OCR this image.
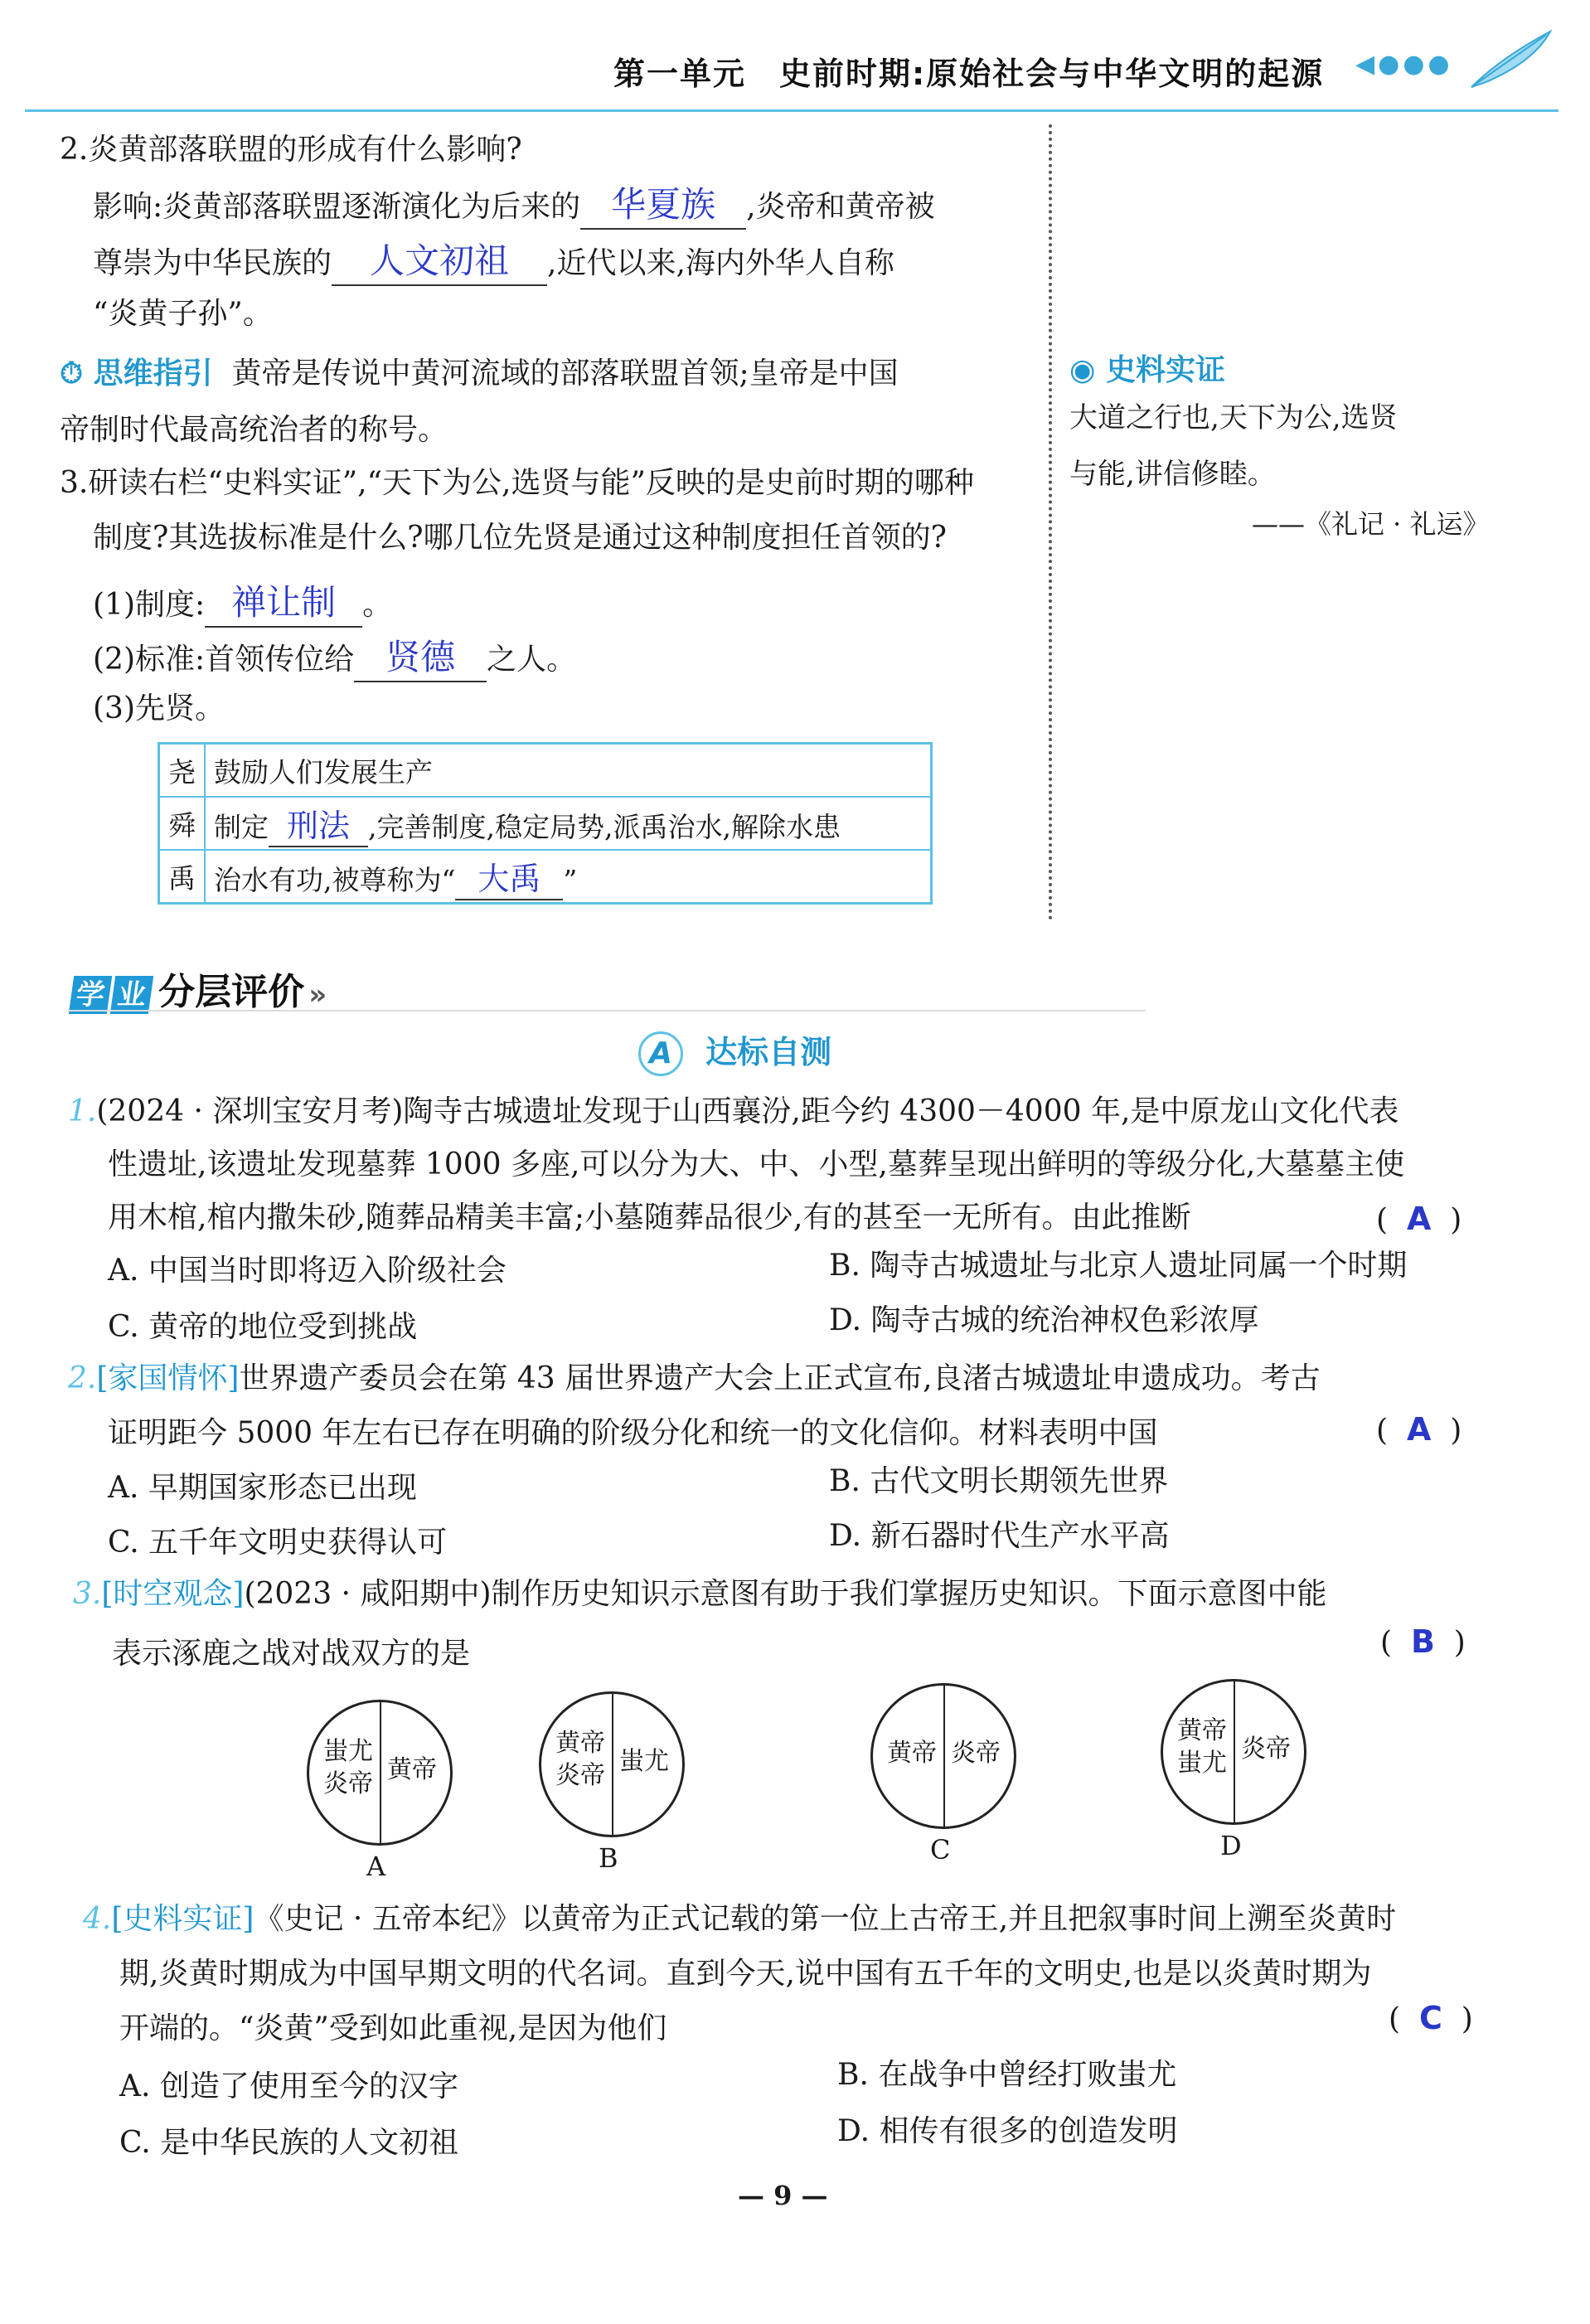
第一单元　史前时期:原始社会与中华文明的起源 ◀●●●
2.炎黄部落联盟的形成有什么影响?
影响:炎黄部落联盟逐渐演化为后来的 华夏族 ,炎帝和黄帝被
尊崇为中华民族的 人文初祖 ,近代以来,海内外华人自称
“炎黄子孙”。
⏱ 思维指引 黄帝是传说中黄河流域的部落联盟首领;皇帝是中国
帝制时代最高统治者的称号。
3.研读右栏“史料实证”,“天下为公,选贤与能”反映的是史前时期的哪种
制度?其选拔标准是什么?哪几位先贤是通过这种制度担任首领的?
(1)制度: 禅让制 。
(2)标准:首领传位给 贤德 之人。
(3)先贤。
尧	鼓励人们发展生产
舜	制定 刑法 ,完善制度,稳定局势,派禹治水,解除水患
禹	治水有功,被尊称为“ 大禹 ”
◉ 史料实证
大道之行也,天下为公,选贤
与能,讲信修睦。
——《礼记 · 礼运》
学 业 分层评价 »
A 达标自测
1.(2024 · 深圳宝安月考)陶寺古城遗址发现于山西襄汾,距今约 4300－4000 年,是中原龙山文化代表
性遗址,该遗址发现墓葬 1000 多座,可以分为大、中、小型,墓葬呈现出鲜明的等级分化,大墓墓主使
用木棺,棺内撒朱砂,随葬品精美丰富;小墓随葬品很少,有的甚至一无所有。由此推断	(  A  )
A. 中国当时即将迈入阶级社会	B. 陶寺古城遗址与北京人遗址同属一个时期
C. 黄帝的地位受到挑战	D. 陶寺古城的统治神权色彩浓厚
2.[家国情怀]世界遗产委员会在第 43 届世界遗产大会上正式宣布,良渚古城遗址申遗成功。考古
证明距今 5000 年左右已存在明确的阶级分化和统一的文化信仰。材料表明中国	(  A  )
A. 早期国家形态已出现	B. 古代文明长期领先世界
C. 五千年文明史获得认可	D. 新石器时代生产水平高
3.[时空观念](2023 · 咸阳期中)制作历史知识示意图有助于我们掌握历史知识。下面示意图中能
(  B  )
表示涿鹿之战对战双方的是
蚩尤
炎帝 黄帝
A
黄帝
炎帝 蚩尤
B
黄帝 炎帝
C
黄帝
蚩尤 炎帝
D
4.[史料实证]《史记 · 五帝本纪》以黄帝为正式记载的第一位上古帝王,并且把叙事时间上溯至炎黄时
期,炎黄时期成为中国早期文明的代名词。直到今天,说中国有五千年的文明史,也是以炎黄时期为
开端的。“炎黄”受到如此重视,是因为他们	(  C  )
A. 创造了使用至今的汉字	B. 在战争中曾经打败蚩尤
C. 是中华民族的人文初祖	D. 相传有很多的创造发明
— 9 —
